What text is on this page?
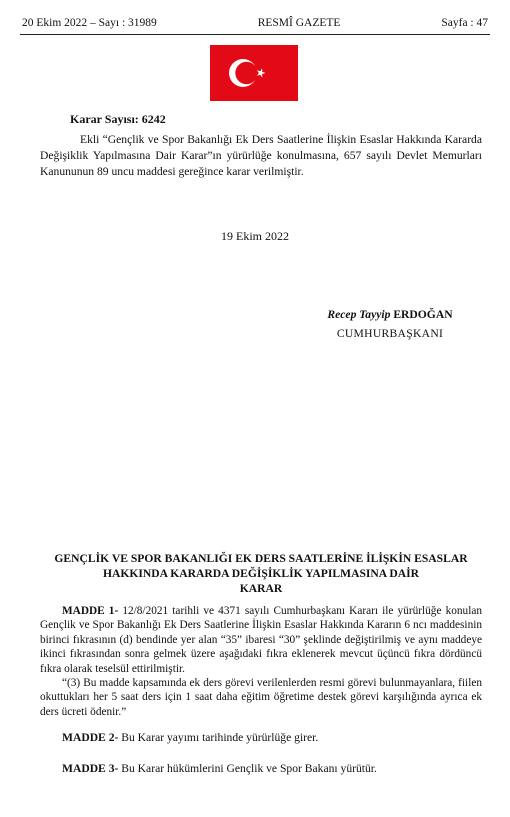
20 Ekim 2022 – Sayı : 31989	RESMÎ GAZETE	Sayfa : 47
Karar Sayısı: 6242

Ekli “Gençlik ve Spor Bakanlığı Ek Ders Saatlerine İlişkin Esaslar Hakkında Kararda Değişiklik Yapılmasına Dair Karar”ın yürürlüğe konulmasına, 657 sayılı Devlet Memurları Kanununun 89 uncu maddesi gereğince karar verilmiştir.

19 Ekim 2022
Recep Tayyip ERDOĞAN
CUMHURBAŞKANI
GENÇLİK VE SPOR BAKANLIĞI EK DERS SAATLERİNE İLİŞKİN ESASLAR
HAKKINDA KARARDA DEĞİŞİKLİK YAPILMASINA DAİR
KARAR

MADDE 1- 12/8/2021 tarihli ve 4371 sayılı Cumhurbaşkanı Kararı ile yürürlüğe konulan Gençlik ve Spor Bakanlığı Ek Ders Saatlerine İlişkin Esaslar Hakkında Kararın 6 ncı maddesinin birinci fıkrasının (d) bendinde yer alan “35” ibaresi “30” şeklinde değiştirilmiş ve aynı maddeye ikinci fıkrasından sonra gelmek üzere aşağıdaki fıkra eklenerek mevcut üçüncü fıkra dördüncü fıkra olarak teselsül ettirilmiştir.

“(3) Bu madde kapsamında ek ders görevi verilenlerden resmi görevi bulunmayanlara, fiilen okuttukları her 5 saat ders için 1 saat daha eğitim öğretime destek görevi karşılığında ayrıca ek ders ücreti ödenir.”

MADDE 2- Bu Karar yayımı tarihinde yürürlüğe girer.
MADDE 3- Bu Karar hükümlerini Gençlik ve Spor Bakanı yürütür.
